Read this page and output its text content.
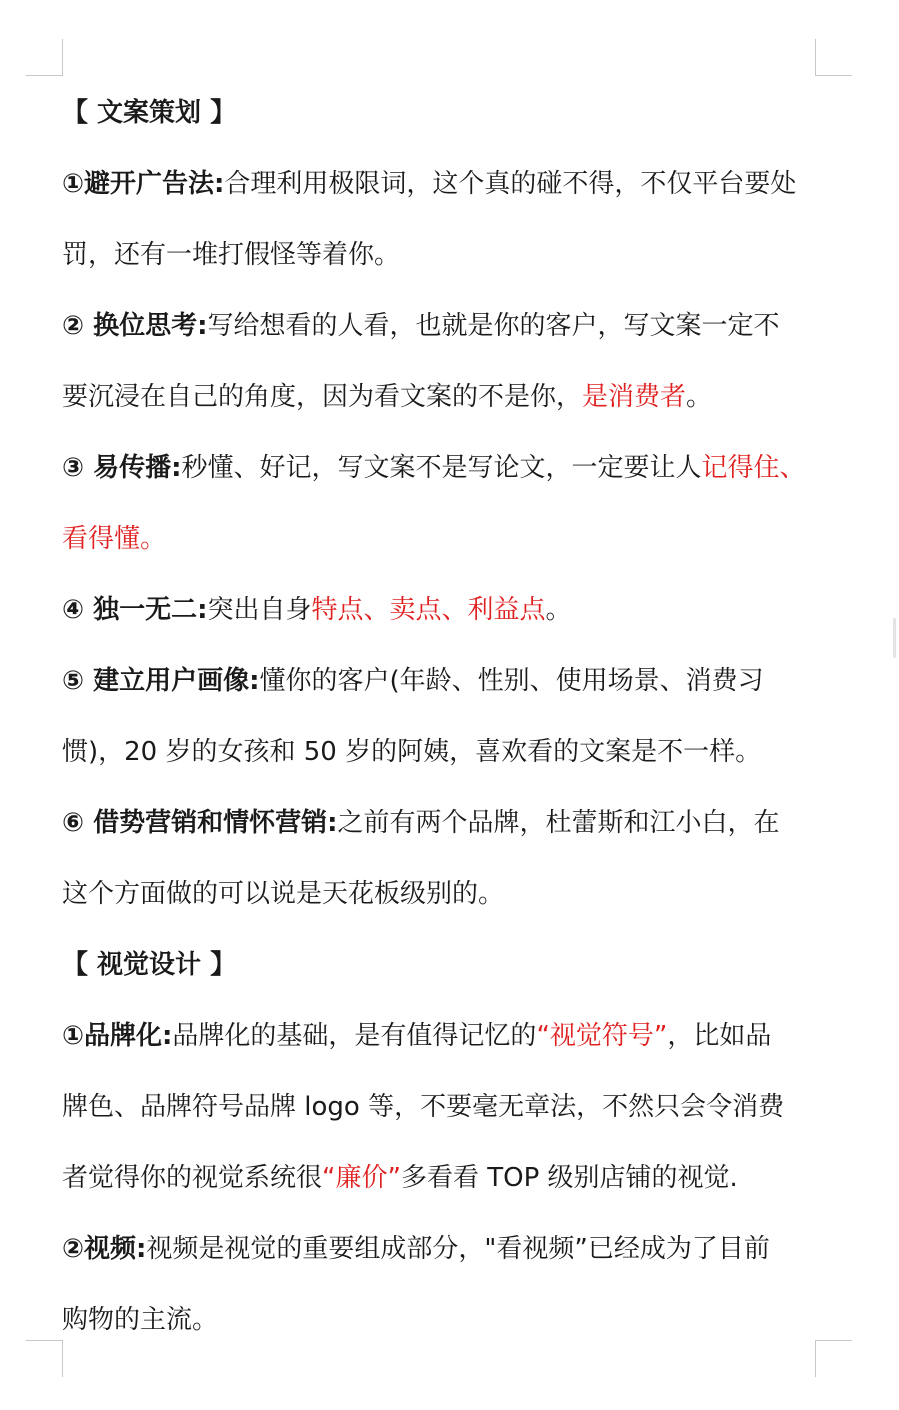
【 文案策划 】
①避开广告法:合理利用极限词，这个真的碰不得，不仅平台要处
罚，还有一堆打假怪等着你。
② 换位思考:写给想看的人看，也就是你的客户，写文案一定不
要沉浸在自己的角度，因为看文案的不是你，是消费者。
③ 易传播:秒懂、好记，写文案不是写论文，一定要让人记得住、
看得懂。
④ 独一无二:突出自身特点、卖点、利益点。
⑤ 建立用户画像:懂你的客户(年龄、性别、使用场景、消费习
惯)，20 岁的女孩和 50 岁的阿姨，喜欢看的文案是不一样。
⑥ 借势营销和情怀营销:之前有两个品牌，杜蕾斯和江小白，在
这个方面做的可以说是天花板级别的。
【 视觉设计 】
①品牌化:品牌化的基础，是有值得记忆的“视觉符号”，比如品
牌色、品牌符号品牌 logo 等，不要毫无章法，不然只会令消费
者觉得你的视觉系统很“廉价”多看看 TOP 级别店铺的视觉.
②视频:视频是视觉的重要组成部分，"看视频”已经成为了目前
购物的主流。
